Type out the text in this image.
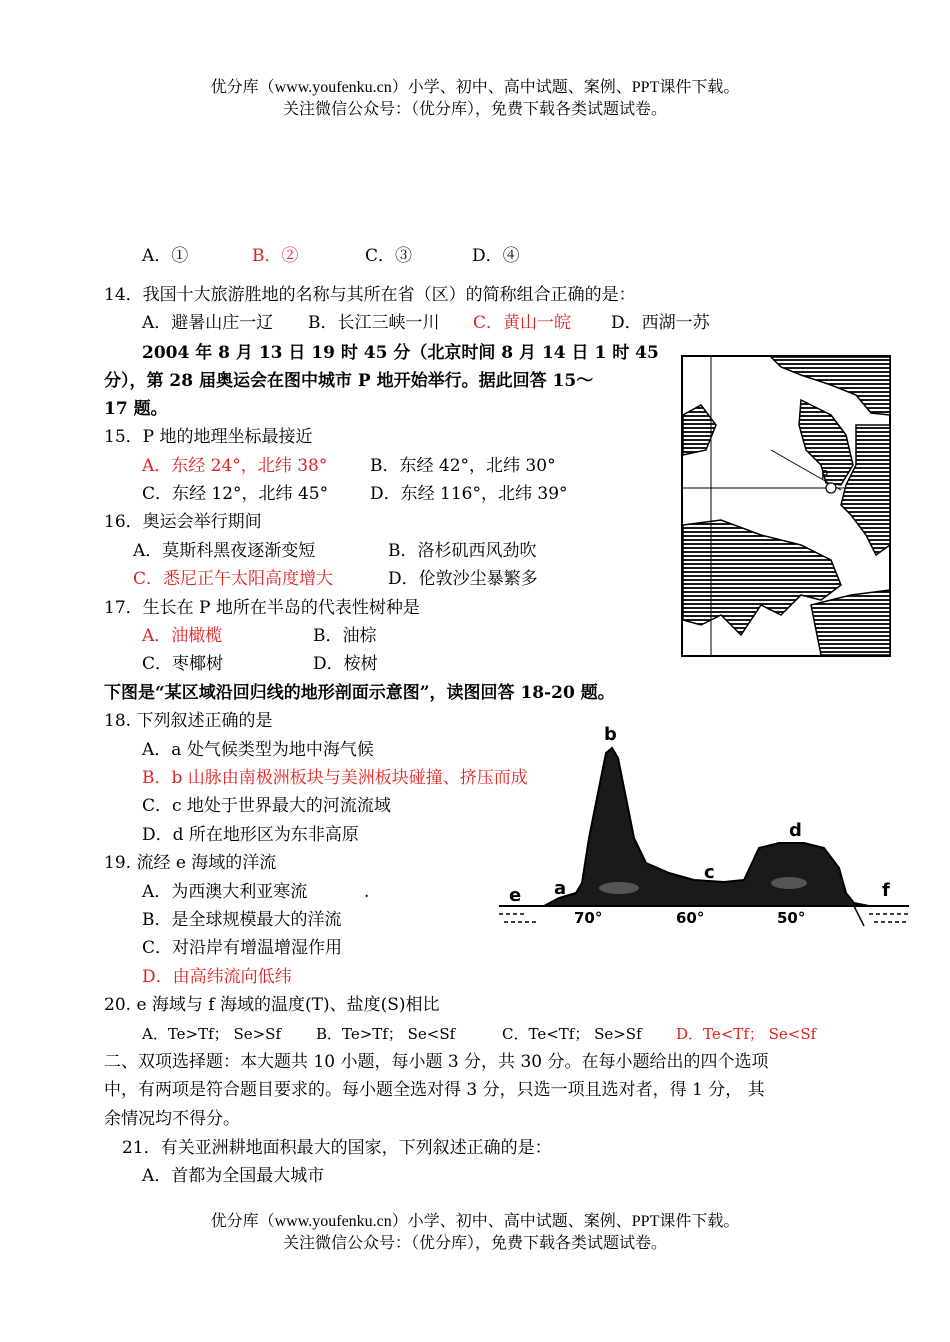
优分库（www.youfenku.cn）小学、初中、高中试题、案例、PPT课件下载。
关注微信公众号：（优分库），免费下载各类试题试卷。
A．①	B．②	C．③	D．④
14．我国十大旅游胜地的名称与其所在省（区）的简称组合正确的是：
A．避暑山庄一辽 B．长江三峡一川 C．黄山一皖 D．西湖一苏
2004 年 8 月 13 日 19 时 45 分（北京时间 8 月 14 日 1 时 45
分），第 28 届奥运会在图中城市 P 地开始举行。据此回答 15～
17 题。
P
15．P 地的地理坐标最接近
A．东经 24°，北纬 38°	B．东经 42°，北纬 30°
C．东经 12°，北纬 45° D．东经 116°，北纬 39°
16．奥运会举行期间
A．莫斯科黑夜逐渐变短	B．洛杉矶西风劲吹
C．悉尼正午太阳高度增大	D．伦敦沙尘暴繁多
17．生长在 P 地所在半岛的代表性树种是
A．油橄榄	B．油棕
C．枣椰树	D．桉树
下图是“某区域沿回归线的地形剖面示意图”，读图回答 18-20 题。
b
d
c
a
e	f
70°	60°	50°
18. 下列叙述正确的是
A．a 处气候类型为地中海气候
B．b 山脉由南极洲板块与美洲板块碰撞、挤压而成
C．c 地处于世界最大的河流流域
D．d 所在地形区为东非高原
19. 流经 e 海域的洋流
A．为西澳大利亚寒流	.
B．是全球规模最大的洋流
C．对沿岸有增温增湿作用
D．由高纬流向低纬
20. e 海域与 f 海域的温度(T)、盐度(S)相比
A．Te>Tf； Se>Sf B．Te>Tf； Se<Sf	C．Te<Tf； Se>Sf D．Te<Tf； Se<Sf
二、双项选择题：本大题共 10 小题，每小题 3 分，共 30 分。在每小题给出的四个选项
中，有两项是符合题目要求的。每小题全选对得 3 分，只选一项且选对者，得 1 分， 其
余情况均不得分。
21．有关亚洲耕地面积最大的国家，下列叙述正确的是：
A．首都为全国最大城市
优分库（www.youfenku.cn）小学、初中、高中试题、案例、PPT课件下载。
关注微信公众号：（优分库），免费下载各类试题试卷。
